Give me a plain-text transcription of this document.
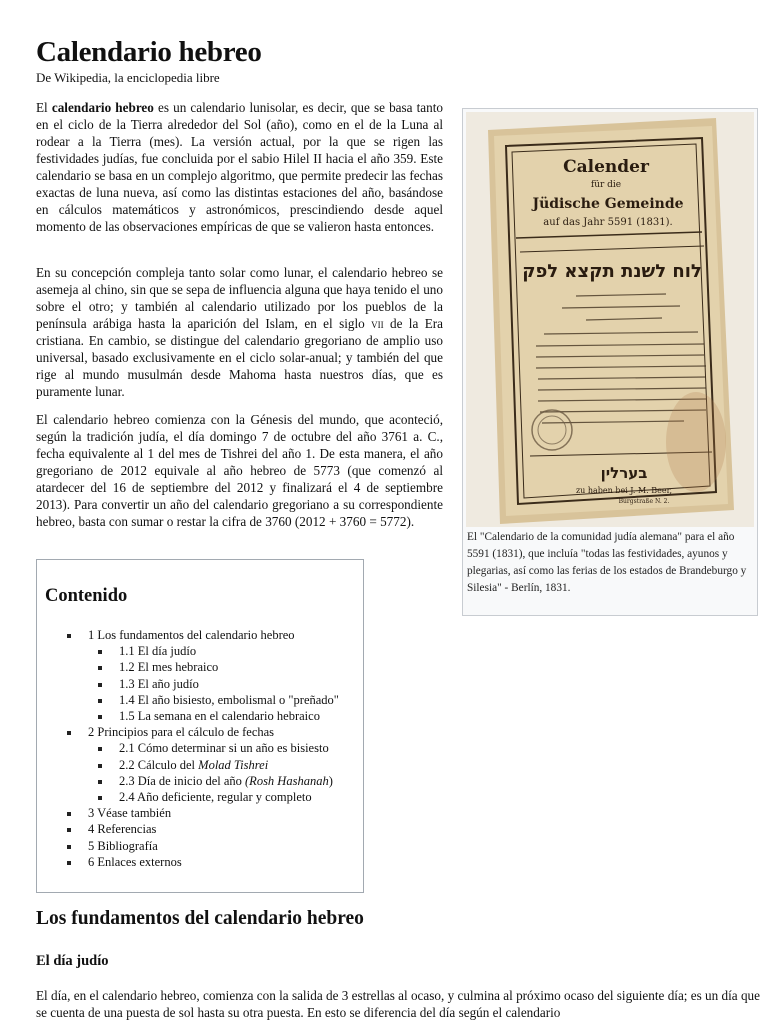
Calendario hebreo
De Wikipedia, la enciclopedia libre
El calendario hebreo es un calendario lunisolar, es decir, que se basa tanto en el ciclo de la Tierra alrededor del Sol (año), como en el de la Luna al rodear a la Tierra (mes). La versión actual, por la que se rigen las festividades judías, fue concluida por el sabio Hilel II hacia el año 359. Este calendario se basa en un complejo algoritmo, que permite predecir las fechas exactas de luna nueva, así como las distintas estaciones del año, basándose en cálculos matemáticos y astronómicos, prescindiendo desde aquel momento de las observaciones empíricas de que se valieron hasta entonces.
En su concepción compleja tanto solar como lunar, el calendario hebreo se asemeja al chino, sin que se sepa de influencia alguna que haya tenido el uno sobre el otro; y también al calendario utilizado por los pueblos de la península arábiga hasta la aparición del Islam, en el siglo vii de la Era cristiana. En cambio, se distingue del calendario gregoriano de amplio uso universal, basado exclusivamente en el ciclo solar-anual; y también del que rige al mundo musulmán desde Mahoma hasta nuestros días, que es puramente lunar.
El calendario hebreo comienza con la Génesis del mundo, que aconteció, según la tradición judía, el día domingo 7 de octubre del año 3761 a. C., fecha equivalente al 1 del mes de Tishrei del año 1. De esta manera, el año gregoriano de 2012 equivale al año hebreo de 5773 (que comenzó al atardecer del 16 de septiembre del 2012 y finalizará el 4 de septiembre 2013). Para convertir un año del calendario gregoriano a su correspondiente hebreo, basta con sumar o restar la cifra de 3760 (2012 + 3760 = 5772).
Calender
für die
Jüdische Gemeinde
auf das Jahr 5591 (1831).
לוח לשנת תקצא לפק
בערלין
zu haben bei J. M. Beer,
Burgstraße N. 2.
El "Calendario de la comunidad judía alemana" para el año 5591 (1831), que incluía "todas las festividades, ayunos y plegarias, así como las ferias de los estados de Brandeburgo y Silesia" - Berlín, 1831.
Contenido
1 Los fundamentos del calendario hebreo
1.1 El día judío
1.2 El mes hebraico
1.3 El año judío
1.4 El año bisiesto, embolismal o "preñado"
1.5 La semana en el calendario hebraico
2 Principios para el cálculo de fechas
2.1 Cómo determinar si un año es bisiesto
2.2 Cálculo del Molad Tishrei
2.3 Día de inicio del año (Rosh Hashanah)
2.4 Año deficiente, regular y completo
3 Véase también
4 Referencias
5 Bibliografía
6 Enlaces externos
Los fundamentos del calendario hebreo
El día judío
El día, en el calendario hebreo, comienza con la salida de 3 estrellas al ocaso, y culmina al próximo ocaso del siguiente día; es un día que se cuenta de una puesta de sol hasta su otra puesta. En esto se diferencia del día según el calendario
